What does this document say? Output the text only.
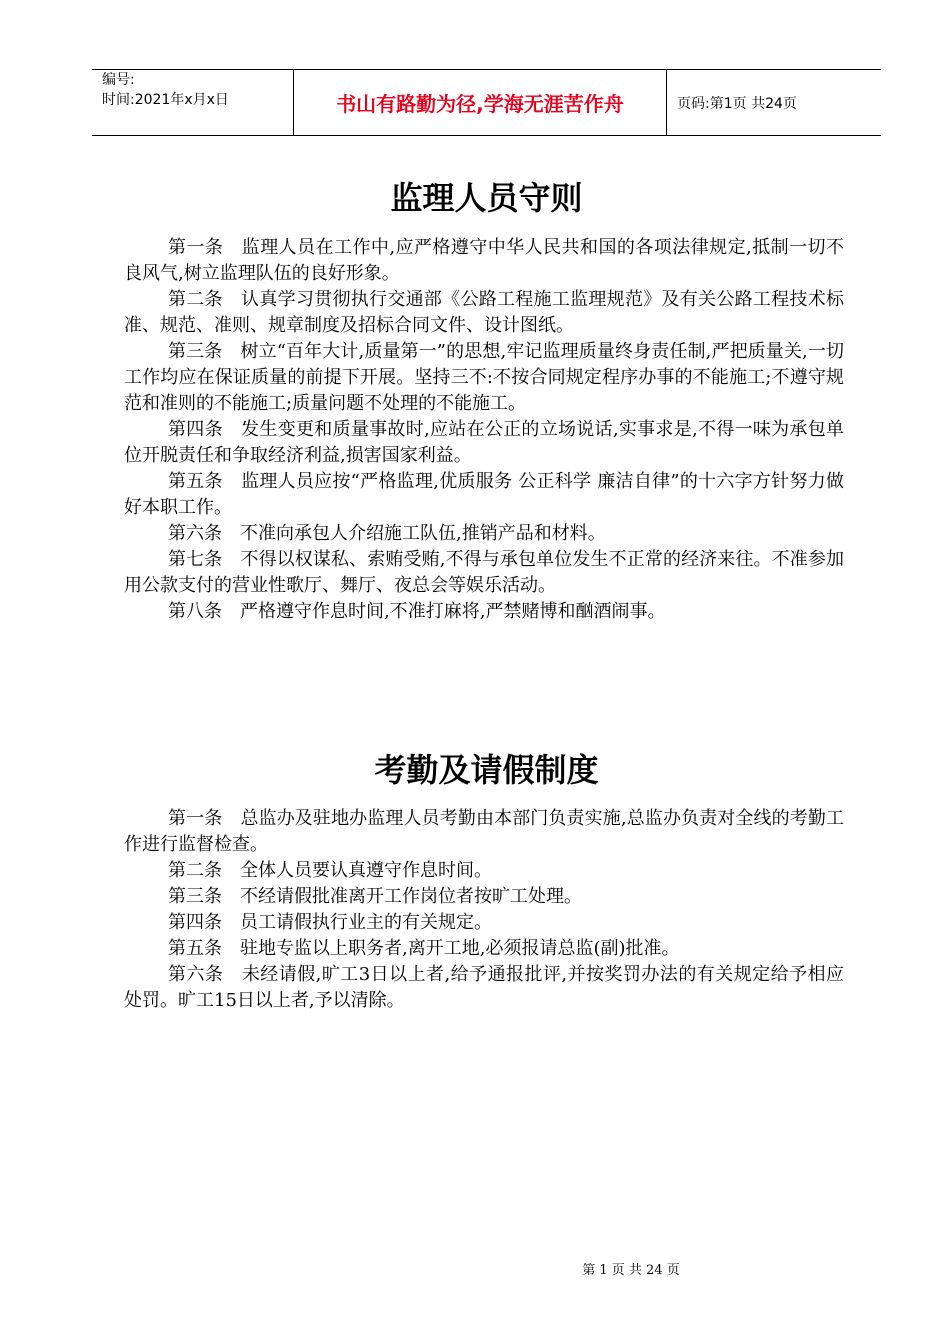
编号:
时间:2021年x月x日	书山有路勤为径,学海无涯苦作舟	页码:第1页 共24页
监理人员守则

第一条　监理人员在工作中,应严格遵守中华人民共和国的各项法律规定,抵制一切不良风气,树立监理队伍的良好形象。

第二条　认真学习贯彻执行交通部《公路工程施工监理规范》及有关公路工程技术标准、规范、准则、规章制度及招标合同文件、设计图纸。

第三条　树立“百年大计,质量第一”的思想,牢记监理质量终身责任制,严把质量关,一切工作均应在保证质量的前提下开展。坚持三不:不按合同规定程序办事的不能施工;不遵守规范和准则的不能施工;质量问题不处理的不能施工。

第四条　发生变更和质量事故时,应站在公正的立场说话,实事求是,不得一味为承包单位开脱责任和争取经济利益,损害国家利益。

第五条　监理人员应按“严格监理,优质服务 公正科学 廉洁自律”的十六字方针努力做好本职工作。

第六条　不准向承包人介绍施工队伍,推销产品和材料。

第七条　不得以权谋私、索贿受贿,不得与承包单位发生不正常的经济来往。不准参加用公款支付的营业性歌厅、舞厅、夜总会等娱乐活动。

第八条　严格遵守作息时间,不准打麻将,严禁赌博和酗酒闹事。

考勤及请假制度

第一条　总监办及驻地办监理人员考勤由本部门负责实施,总监办负责对全线的考勤工作进行监督检查。

第二条　全体人员要认真遵守作息时间。

第三条　不经请假批准离开工作岗位者按旷工处理。

第四条　员工请假执行业主的有关规定。

第五条　驻地专监以上职务者,离开工地,必须报请总监(副)批准。

第六条　未经请假,旷工3日以上者,给予通报批评,并按奖罚办法的有关规定给予相应处罚。旷工15日以上者,予以清除。

第 1 页 共 24 页
